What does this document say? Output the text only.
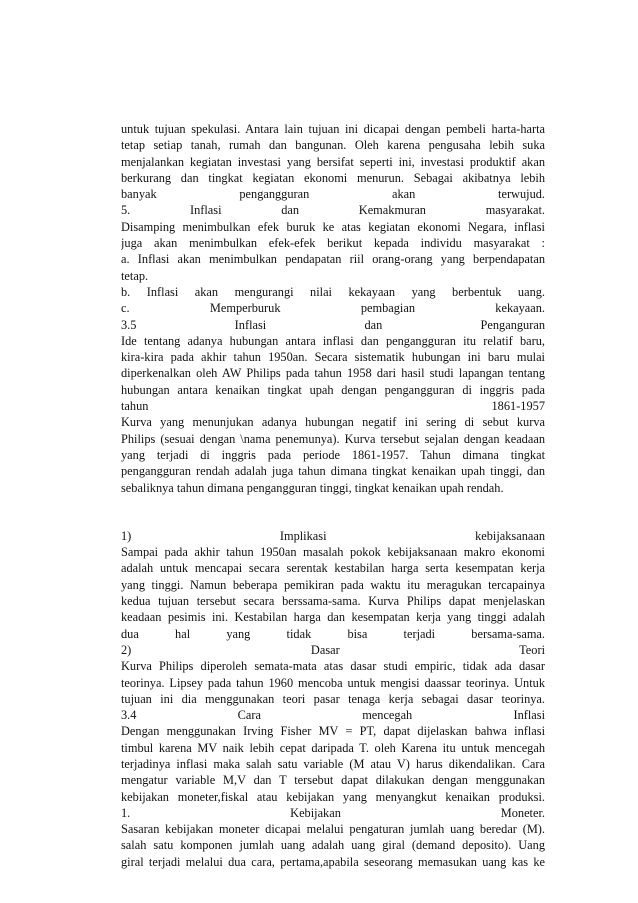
untuk tujuan spekulasi. Antara lain tujuan ini dicapai dengan pembeli harta-harta
tetap setiap tanah, rumah dan bangunan. Oleh karena pengusaha lebih suka
menjalankan kegiatan investasi yang bersifat seperti ini, investasi produktif akan
berkurang dan tingkat kegiatan ekonomi menurun. Sebagai akibatnya lebih
banyak pengangguran akan terwujud.
5. Inflasi dan Kemakmuran masyarakat.
Disamping menimbulkan efek buruk ke atas kegiatan ekonomi Negara, inflasi
juga akan menimbulkan efek-efek berikut kepada individu masyarakat :
a. Inflasi akan menimbulkan pendapatan riil orang-orang yang berpendapatan
tetap.
b. Inflasi akan mengurangi nilai kekayaan yang berbentuk uang.
c. Memperburuk pembagian kekayaan.
3.5 Inflasi dan Penganguran
Ide tentang adanya hubungan antara inflasi dan pengangguran itu relatif baru,
kira-kira pada akhir tahun 1950an. Secara sistematik hubungan ini baru mulai
diperkenalkan oleh AW Philips pada tahun 1958 dari hasil studi lapangan tentang
hubungan antara kenaikan tingkat upah dengan pengangguran di inggris pada
tahun 1861-1957
Kurva yang menunjukan adanya hubungan negatif ini sering di sebut kurva
Philips (sesuai dengan \nama penemunya). Kurva tersebut sejalan dengan keadaan
yang terjadi di inggris pada periode 1861-1957. Tahun dimana tingkat
pengangguran rendah adalah juga tahun dimana tingkat kenaikan upah tinggi, dan
sebaliknya tahun dimana pengangguran tinggi, tingkat kenaikan upah rendah.
1) Implikasi kebijaksanaan
Sampai pada akhir tahun 1950an masalah pokok kebijaksanaan makro ekonomi
adalah untuk mencapai secara serentak kestabilan harga serta kesempatan kerja
yang tinggi. Namun beberapa pemikiran pada waktu itu meragukan tercapainya
kedua tujuan tersebut secara berssama-sama. Kurva Philips dapat menjelaskan
keadaan pesimis ini. Kestabilan harga dan kesempatan kerja yang tinggi adalah
dua hal yang tidak bisa terjadi bersama-sama.
2) Dasar Teori
Kurva Philips diperoleh semata-mata atas dasar studi empiric, tidak ada dasar
teorinya. Lipsey pada tahun 1960 mencoba untuk mengisi daassar teorinya. Untuk
tujuan ini dia menggunakan teori pasar tenaga kerja sebagai dasar teorinya.
3.4 Cara mencegah Inflasi
Dengan menggunakan Irving Fisher MV = PT, dapat dijelaskan bahwa inflasi
timbul karena MV naik lebih cepat daripada T. oleh Karena itu untuk mencegah
terjadinya inflasi maka salah satu variable (M atau V) harus dikendalikan. Cara
mengatur variable M,V dan T tersebut dapat dilakukan dengan menggunakan
kebijakan moneter,fiskal atau kebijakan yang menyangkut kenaikan produksi.
1. Kebijakan Moneter.
Sasaran kebijakan moneter dicapai melalui pengaturan jumlah uang beredar (M).
salah satu komponen jumlah uang adalah uang giral (demand deposito). Uang
giral terjadi melalui dua cara, pertama,apabila seseorang memasukan uang kas ke
